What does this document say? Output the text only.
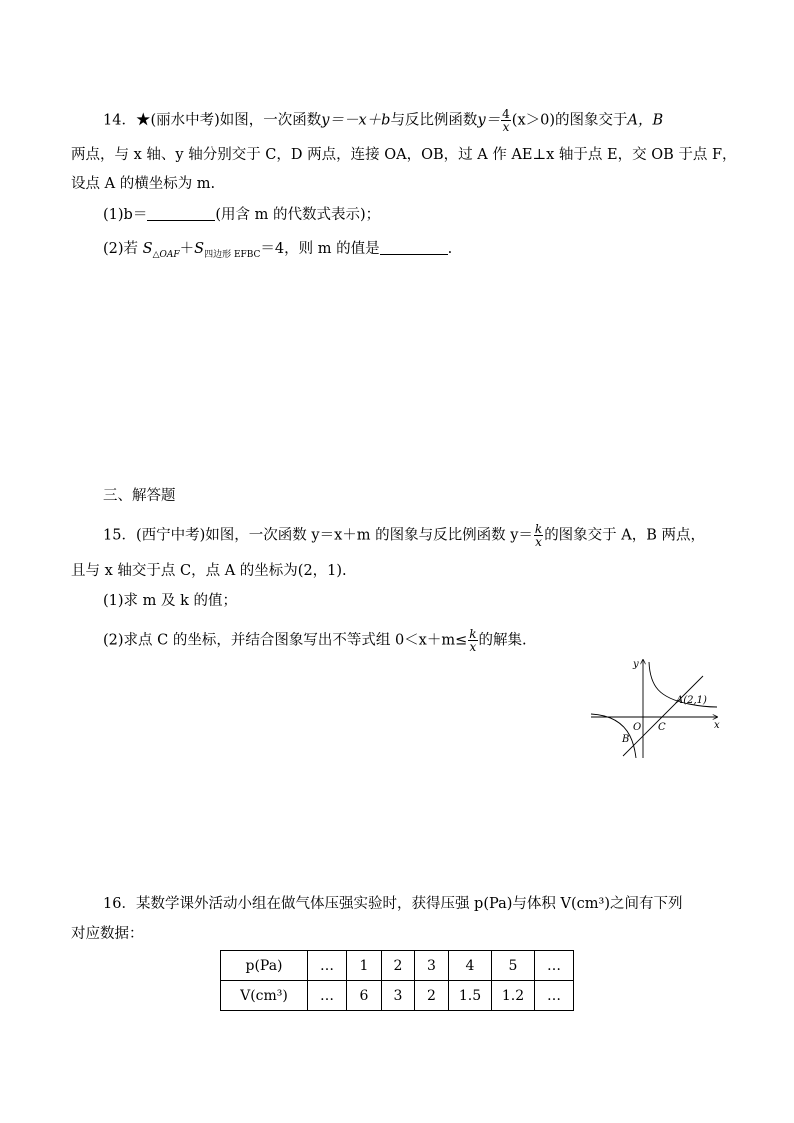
14．★(丽水中考)如图，一次函数y＝－x＋b与反比例函数$y= \frac{4}{x} (x>0)$的图象交于A，B
两点，与 x 轴、y 轴分别交于 C，D 两点，连接 OA，OB，过 A 作 AE⊥x 轴于点 E，交 OB 于点 F，
设点 A 的横坐标为 m.
(1)b＝	(用含 m 的代数式表示)；
(2)若 $S_{\triangle OAF}+S_{四边形 EFBC}=4$，则 m 的值是	.
三、解答题
15．(西宁中考)如图，一次函数 y＝x＋m 的图象与反比例函数 $y= \frac{k}{x}$ 的图象交于 A，B 两点，
且与 x 轴交于点 C，点 A 的坐标为(2，1).
(1)求 m 及 k 的值；
(2)求点 C 的坐标，并结合图象写出不等式组 $0<x+m\le \frac{k}{x}$ 的解集.
y
x
O C
A(2,1)
B
16．某数学课外活动小组在做气体压强实验时，获得压强 p(Pa)与体积 V(cm³)之间有下列
对应数据：
p(Pa)	…	1	2	3	4	5	…
V(cm³)	…	6	3	2	1.5	1.2	…
